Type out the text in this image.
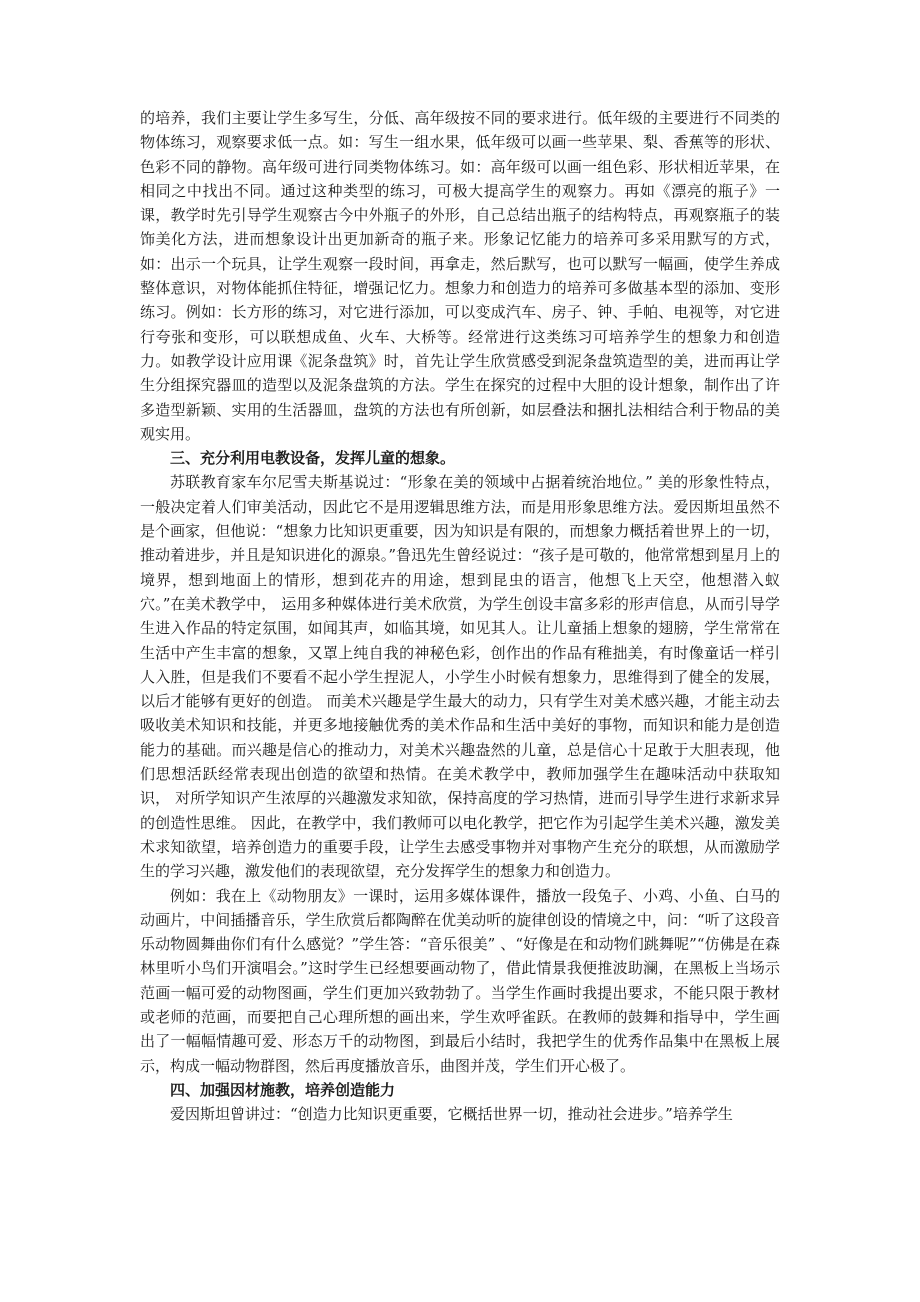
的培养，我们主要让学生多写生，分低、高年级按不同的要求进行。低年级的主要进行不同类的物体练习，观察要求低一点。如：写生一组水果，低年级可以画一些苹果、梨、香蕉等的形状、色彩不同的静物。高年级可进行同类物体练习。如：高年级可以画一组色彩、形状相近苹果，在相同之中找出不同。通过这种类型的练习，可极大提高学生的观察力。再如《漂亮的瓶子》一课，教学时先引导学生观察古今中外瓶子的外形，自己总结出瓶子的结构特点，再观察瓶子的装饰美化方法，进而想象设计出更加新奇的瓶子来。形象记忆能力的培养可多采用默写的方式，如：出示一个玩具，让学生观察一段时间，再拿走，然后默写，也可以默写一幅画，使学生养成整体意识，对物体能抓住特征，增强记忆力。想象力和创造力的培养可多做基本型的添加、变形练习。例如：长方形的练习，对它进行添加，可以变成汽车、房子、钟、手帕、电视等，对它进行夸张和变形，可以联想成鱼、火车、大桥等。经常进行这类练习可培养学生的想象力和创造力。如教学设计应用课《泥条盘筑》时，首先让学生欣赏感受到泥条盘筑造型的美，进而再让学生分组探究器皿的造型以及泥条盘筑的方法。学生在探究的过程中大胆的设计想象，制作出了许多造型新颖、实用的生活器皿，盘筑的方法也有所创新，如层叠法和捆扎法相结合利于物品的美观实用。

三、充分利用电教设备，发挥儿童的想象。

苏联教育家车尔尼雪夫斯基说过：“形象在美的领域中占据着统治地位。” 美的形象性特点，一般决定着人们审美活动，因此它不是用逻辑思维方法，而是用形象思维方法。爱因斯坦虽然不是个画家，但他说：“想象力比知识更重要，因为知识是有限的，而想象力概括着世界上的一切，推动着进步，并且是知识进化的源泉。”鲁迅先生曾经说过：“孩子是可敬的，他常常想到星月上的境界，想到地面上的情形，想到花卉的用途，想到昆虫的语言，他想飞上天空，他想潜入蚁穴。”在美术教学中， 运用多种媒体进行美术欣赏，为学生创设丰富多彩的形声信息，从而引导学生进入作品的特定氛围，如闻其声，如临其境，如见其人。让儿童插上想象的翅膀，学生常常在生活中产生丰富的想象，又罩上纯自我的神秘色彩，创作出的作品有稚拙美，有时像童话一样引人入胜，但是我们不要看不起小学生捏泥人，小学生小时候有想象力，思维得到了健全的发展，以后才能够有更好的创造。 而美术兴趣是学生最大的动力，只有学生对美术感兴趣，才能主动去吸收美术知识和技能，并更多地接触优秀的美术作品和生活中美好的事物，而知识和能力是创造能力的基础。而兴趣是信心的推动力，对美术兴趣盎然的儿童，总是信心十足敢于大胆表现，他们思想活跃经常表现出创造的欲望和热情。在美术教学中，教师加强学生在趣味活动中获取知识， 对所学知识产生浓厚的兴趣激发求知欲，保持高度的学习热情，进而引导学生进行求新求异的创造性思维。 因此，在教学中，我们教师可以电化教学，把它作为引起学生美术兴趣，激发美术求知欲望，培养创造力的重要手段，让学生去感受事物并对事物产生充分的联想，从而激励学生的学习兴趣，激发他们的表现欲望，充分发挥学生的想象力和创造力。

例如：我在上《动物朋友》一课时，运用多媒体课件，播放一段兔子、小鸡、小鱼、白马的动画片，中间插播音乐，学生欣赏后都陶醉在优美动听的旋律创设的情境之中，问：“听了这段音乐动物圆舞曲你们有什么感觉？”学生答：“音乐很美” 、“好像是在和动物们跳舞呢”“仿佛是在森林里听小鸟们开演唱会。”这时学生已经想要画动物了，借此情景我便推波助澜，在黑板上当场示范画一幅可爱的动物图画，学生们更加兴致勃勃了。当学生作画时我提出要求，不能只限于教材或老师的范画，而要把自己心理所想的画出来，学生欢呼雀跃。在教师的鼓舞和指导中，学生画出了一幅幅情趣可爱、形态万千的动物图，到最后小结时，我把学生的优秀作品集中在黑板上展示，构成一幅动物群图，然后再度播放音乐，曲图并茂，学生们开心极了。

四、加强因材施教，培养创造能力

爱因斯坦曾讲过：“创造力比知识更重要，它概括世界一切，推动社会进步。”培养学生
